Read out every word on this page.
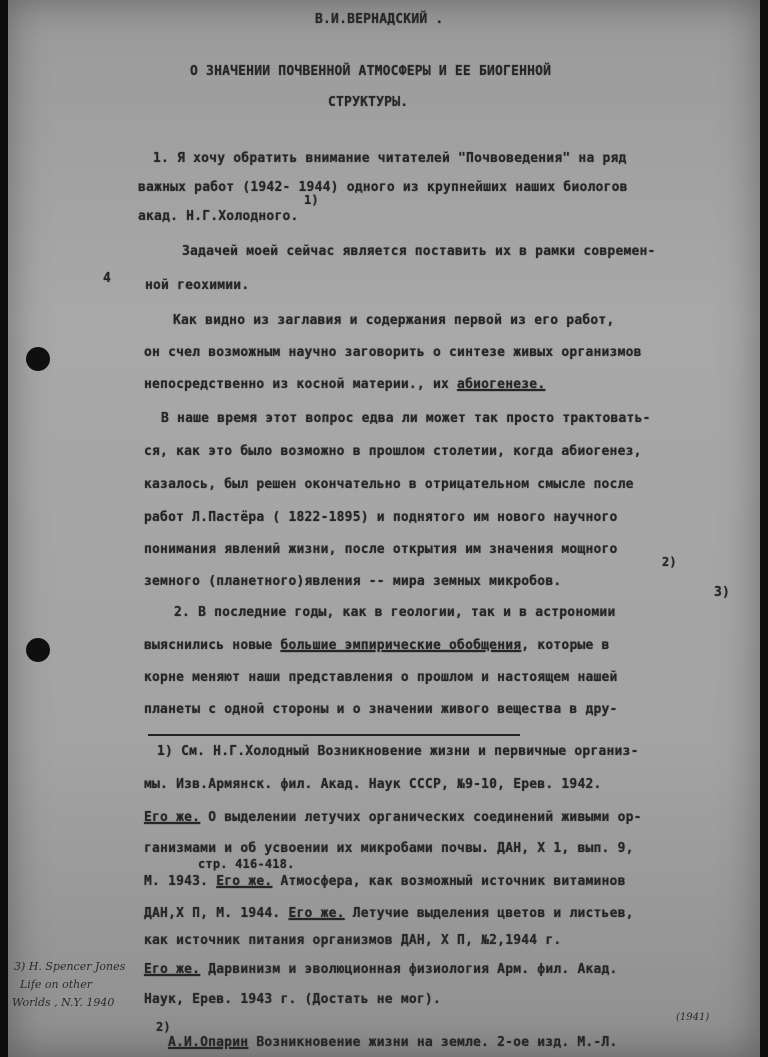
В.И.ВЕРНАДСКИЙ .
О ЗНАЧЕНИИ ПОЧВЕННОЙ АТМОСФЕРЫ И ЕЕ БИОГЕННОЙ
СТРУКТУРЫ.
1. Я хочу обратить внимание читателей "Почвоведения" на ряд
важных работ (1942- 1944) одного из крупнейших наших биологов
1)
акад. Н.Г.Холодного.
4
Задачей моей сейчас является поставить их в рамки современ-
ной геохимии.
Как видно из заглавия и содержания первой из его работ,
он счел возможным научно заговорить о синтезе живых организмов
непосредственно из косной материи., их абиогенезе.
В наше время этот вопрос едва ли может так просто трактовать-
ся, как это было возможно в прошлом столетии, когда абиогенез,
казалось, был решен окончательно в отрицательном смысле после
работ Л.Пастёра ( 1822-1895) и поднятого им нового научного
понимания явлений жизни, после открытия им значения мощного
земного (планетного)явления -- мира земных микробов.
2)
3)
2. В последние годы, как в геологии, так и в астрономии
выяснились новые большие эмпирические обобщения, которые в
корне меняют наши представления о прошлом и настоящем нашей
планеты с одной стороны и о значении живого вещества в дру-
1) См. Н.Г.Холодный Возникновение жизни и первичные организ-
мы. Изв.Армянск. фил. Акад. Наук СССР, №9-10, Ерев. 1942.
Его же. О выделении летучих органических соединений живыми ор-
ганизмами и об усвоении их микробами почвы. ДАН, Х 1, вып. 9,
стр. 416-418.
М. 1943. Его же. Атмосфера, как возможный источник витаминов
ДАН,Х П, М. 1944. Его же. Летучие выделения цветов и листьев,
как источник питания организмов ДАН, Х П, №2,1944 г.
Его же. Дарвинизм и эволюционная физиология Арм. фил. Акад.
Наук, Ерев. 1943 г. (Достать не мог).
2)
А.И.Опарин Возникновение жизни на земле. 2-ое изд. М.-Л.
3) H. Spencer Jones
Life on other
Worlds , N.Y. 1940
(1941)
